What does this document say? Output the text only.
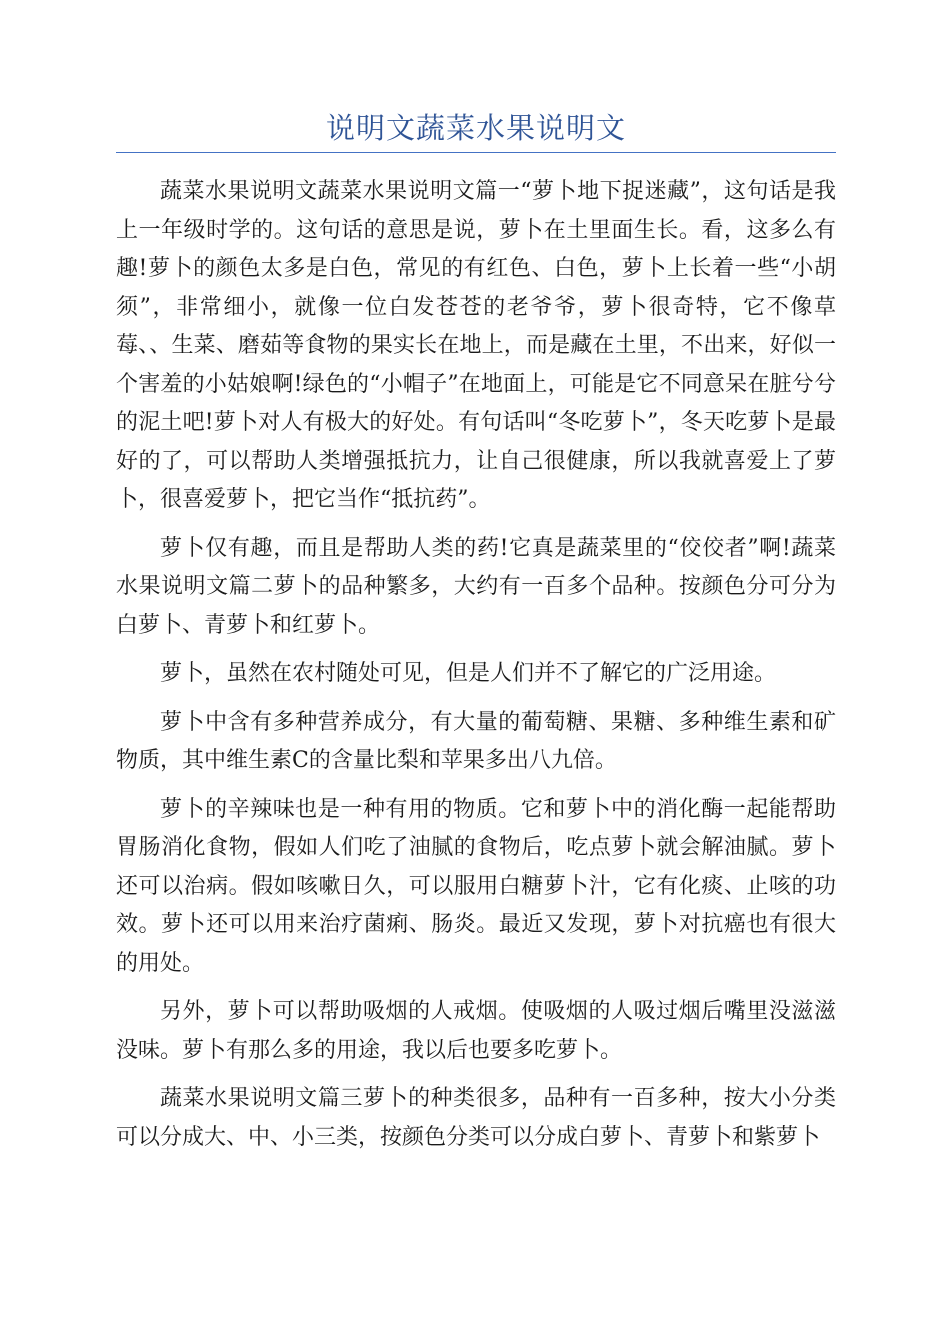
说明文蔬菜水果说明文

蔬菜水果说明文蔬菜水果说明文篇一“萝卜地下捉迷藏”，这句话是我上一年级时学的。这句话的意思是说，萝卜在土里面生长。看，这多么有趣!萝卜的颜色太多是白色，常见的有红色、白色，萝卜上长着一些“小胡须”，非常细小，就像一位白发苍苍的老爷爷，萝卜很奇特，它不像草莓、、生菜、磨茹等食物的果实长在地上，而是藏在土里，不出来，好似一个害羞的小姑娘啊!绿色的“小帽子”在地面上，可能是它不同意呆在脏兮兮的泥土吧!萝卜对人有极大的好处。有句话叫“冬吃萝卜”，冬天吃萝卜是最好的了，可以帮助人类增强抵抗力，让自己很健康，所以我就喜爱上了萝卜，很喜爱萝卜，把它当作“抵抗药”。

萝卜仅有趣，而且是帮助人类的药!它真是蔬菜里的“佼佼者”啊!蔬菜水果说明文篇二萝卜的品种繁多，大约有一百多个品种。按颜色分可分为白萝卜、青萝卜和红萝卜。

萝卜，虽然在农村随处可见，但是人们并不了解它的广泛用途。

萝卜中含有多种营养成分，有大量的葡萄糖、果糖、多种维生素和矿物质，其中维生素C的含量比梨和苹果多出八九倍。

萝卜的辛辣味也是一种有用的物质。它和萝卜中的消化酶一起能帮助胃肠消化食物，假如人们吃了油腻的食物后，吃点萝卜就会解油腻。萝卜还可以治病。假如咳嗽日久，可以服用白糖萝卜汁，它有化痰、止咳的功效。萝卜还可以用来治疗菌痢、肠炎。最近又发现，萝卜对抗癌也有很大的用处。

另外，萝卜可以帮助吸烟的人戒烟。使吸烟的人吸过烟后嘴里没滋滋没味。萝卜有那么多的用途，我以后也要多吃萝卜。

蔬菜水果说明文篇三萝卜的种类很多，品种有一百多种，按大小分类可以分成大、中、小三类，按颜色分类可以分成白萝卜、青萝卜和紫萝卜
